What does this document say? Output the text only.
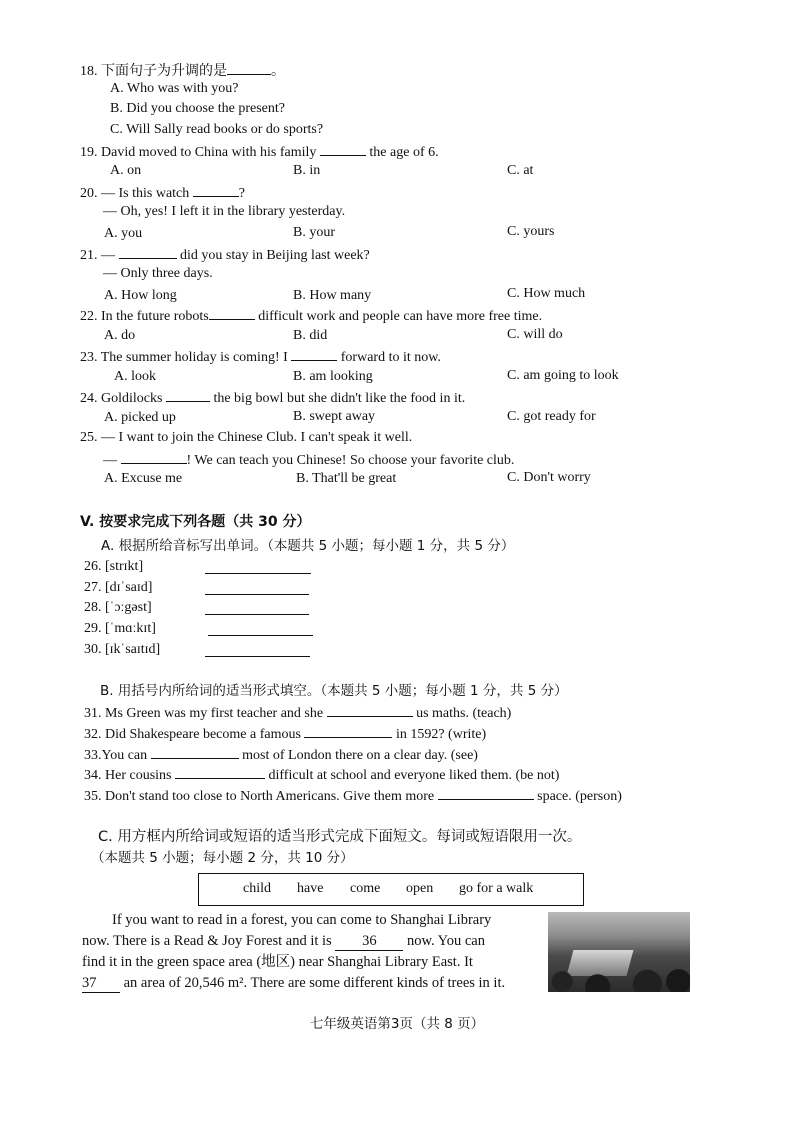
18. 下面句子为升调的是	。
A. Who was with you?
B. Did you choose the present?
C. Will Sally read books or do sports?
19. David moved to China with his family	the age of 6.
A. on	B. in	C. at
20. — Is this watch	?
— Oh, yes! I left it in the library yesterday.
A. you	B. your	C. yours
21. —	did you stay in Beijing last week?
— Only three days.
A. How long	B. How many	C. How much
22. In the future robots	difficult work and people can have more free time.
A. do	B. did	C. will do
23. The summer holiday is coming! I	forward to it now.
A. look	B. am looking	C. am going to look
24. Goldilocks	the big bowl but she didn't like the food in it.
A. picked up	B. swept away	C. got ready for
25. — I want to join the Chinese Club. I can't speak it well.
—	! We can teach you Chinese! So choose your favorite club.
A. Excuse me	B. That'll be great	C. Don't worry
V. 按要求完成下列各题（共 30 分）
A. 根据所给音标写出单词。（本题共 5 小题；每小题 1 分，共 5 分）
26. [strɪkt]
27. [dɪˈsaɪd]
28. [ˈɔːgəst]
29. [ˈmɑːkɪt]
30. [ɪkˈsaɪtɪd]
B. 用括号内所给词的适当形式填空。（本题共 5 小题；每小题 1 分，共 5 分）
31. Ms Green was my first teacher and she	us maths. (teach)
32. Did Shakespeare become a famous	in 1592? (write)
33.You can	most of London there on a clear day. (see)
34. Her cousins	difficult at school and everyone liked them. (be not)
35. Don't stand too close to North Americans. Give them more	space. (person)
C. 用方框内所给词或短语的适当形式完成下面短文。每词或短语限用一次。
（本题共 5 小题；每小题 2 分，共 10 分）
child have come open go for a walk
If you want to read in a forest, you can come to Shanghai Library
now. There is a Read & Joy Forest and it is 36 now. You can
find it in the green space area (地区) near Shanghai Library East. It
37 an area of 20,546 m². There are some different kinds of trees in it.
七年级英语第3页（共 8 页）
